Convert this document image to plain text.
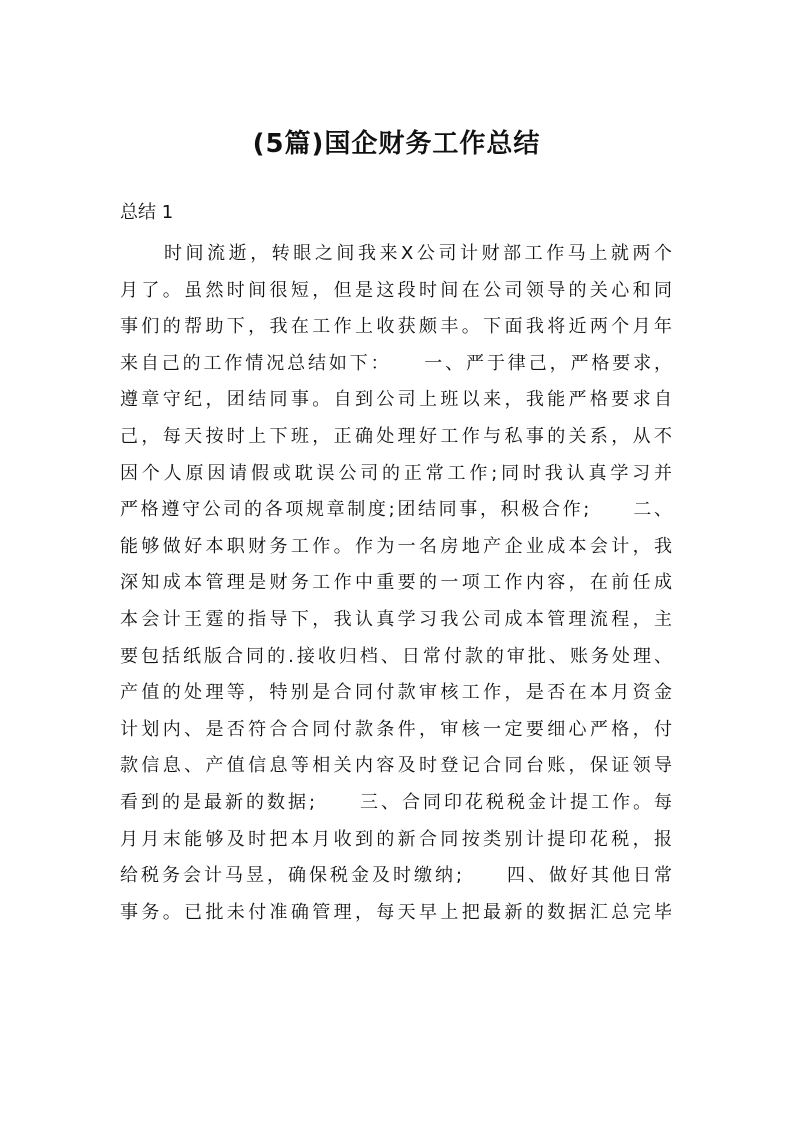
(5篇)国企财务工作总结
总结 1
时间流逝，转眼之间我来X公司计财部工作马上就两个
月了。虽然时间很短，但是这段时间在公司领导的关心和同
事们的帮助下，我在工作上收获颇丰。下面我将近两个月年
来自己的工作情况总结如下：　　一、严于律己，严格要求，
遵章守纪，团结同事。自到公司上班以来，我能严格要求自
己，每天按时上下班，正确处理好工作与私事的关系，从不
因个人原因请假或耽误公司的正常工作;同时我认真学习并
严格遵守公司的各项规章制度;团结同事，积极合作;　　二、
能够做好本职财务工作。作为一名房地产企业成本会计，我
深知成本管理是财务工作中重要的一项工作内容，在前任成
本会计王霆的指导下，我认真学习我公司成本管理流程，主
要包括纸版合同的.接收归档、日常付款的审批、账务处理、
产值的处理等，特别是合同付款审核工作，是否在本月资金
计划内、是否符合合同付款条件，审核一定要细心严格，付
款信息、产值信息等相关内容及时登记合同台账，保证领导
看到的是最新的数据;　　三、合同印花税税金计提工作。每
月月末能够及时把本月收到的新合同按类别计提印花税，报
给税务会计马昱，确保税金及时缴纳;　　四、做好其他日常
事务。已批未付准确管理，每天早上把最新的数据汇总完毕
